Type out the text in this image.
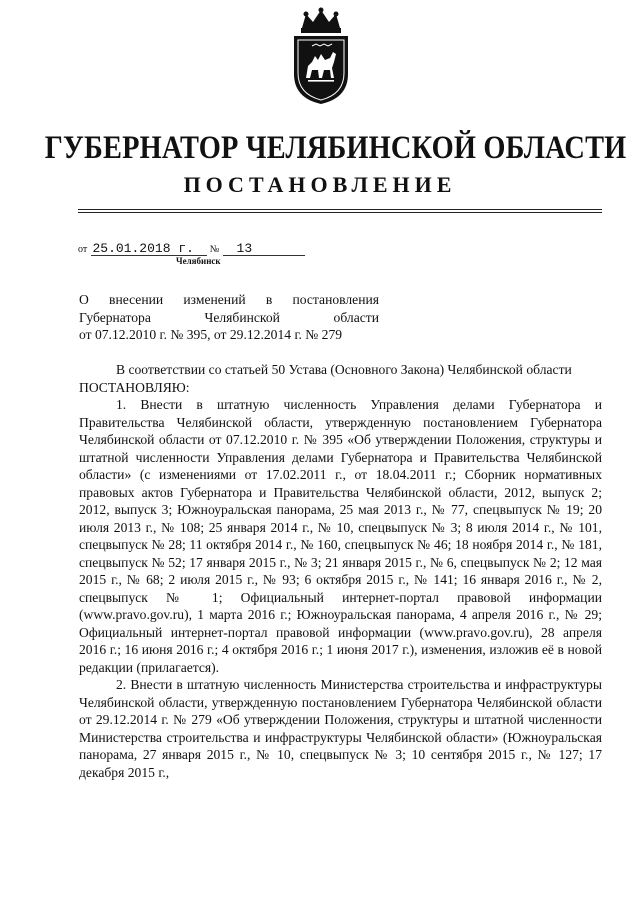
ГУБЕРНАТОР ЧЕЛЯБИНСКОЙ ОБЛАСТИ
ПОСТАНОВЛЕНИЕ
от 25.01.2018 г. № 13
Челябинск

О внесении изменений в постановления

Губернатора Челябинской области

от 07.12.2010 г. № 395, от 29.12.2014 г. № 279

В соответствии со статьей 50 Устава (Основного Закона) Челябинской области

ПОСТАНОВЛЯЮ:

1. Внести в штатную численность Управления делами Губернатора и Правительства Челябинской области, утвержденную постановлением Губернатора Челябинской области от 07.12.2010 г. № 395 «Об утверждении Положения, структуры и штатной численности Управления делами Губернатора и Правительства Челябинской области» (с изменениями от 17.02.2011 г., от 18.04.2011 г.; Сборник нормативных правовых актов Губернатора и Правительства Челябинской области, 2012, выпуск 2; 2012, выпуск 3; Южноуральская панорама, 25 мая 2013 г., № 77, спецвыпуск № 19; 20 июля 2013 г., № 108; 25 января 2014 г., № 10, спецвыпуск № 3; 8 июля 2014 г., № 101, спецвыпуск № 28; 11 октября 2014 г., № 160, спецвыпуск № 46; 18 ноября 2014 г., № 181, спецвыпуск № 52; 17 января 2015 г., № 3; 21 января 2015 г., № 6, спецвыпуск № 2; 12 мая 2015 г., № 68; 2 июля 2015 г., № 93; 6 октября 2015 г., № 141; 16 января 2016 г., № 2, спецвыпуск № 1; Официальный интернет-портал правовой информации (www.pravo.gov.ru), 1 марта 2016 г.; Южноуральская панорама, 4 апреля 2016 г., № 29; Официальный интернет-портал правовой информации (www.pravo.gov.ru), 28 апреля 2016 г.; 16 июня 2016 г.; 4 октября 2016 г.; 1 июня 2017 г.), изменения, изложив её в новой редакции (прилагается).

2. Внести в штатную численность Министерства строительства и инфраструктуры Челябинской области, утвержденную постановлением Губернатора Челябинской области от 29.12.2014 г. № 279 «Об утверждении Положения, структуры и штатной численности Министерства строительства и инфраструктуры Челябинской области» (Южноуральская панорама, 27 января 2015 г., № 10, спецвыпуск № 3; 10 сентября 2015 г., № 127; 17 декабря 2015 г.,
